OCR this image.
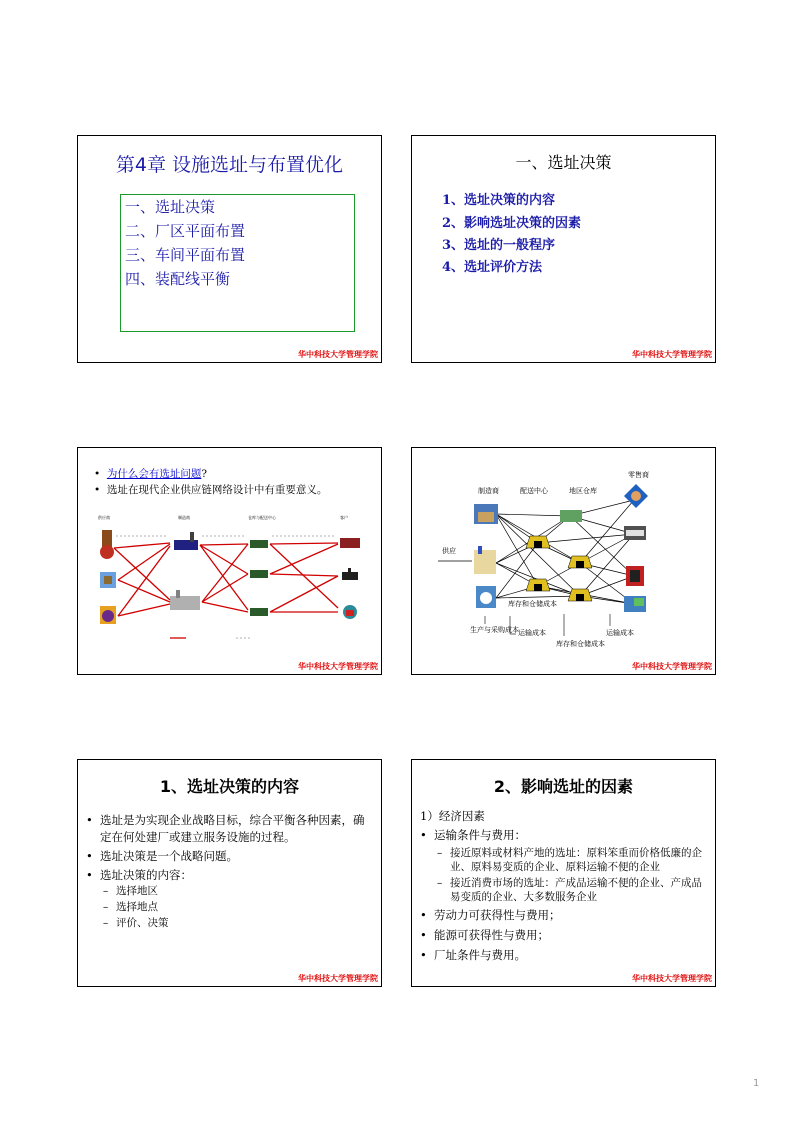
第4章 设施选址与布置优化
一、选址决策
二、厂区平面布置
三、车间平面布置
四、装配线平衡
华中科技大学管理学院
一、选址决策
1、选址决策的内容
2、影响选址决策的因素
3、选址的一般程序
4、选址评价方法
华中科技大学管理学院
•  为什么会有选址问题?
•  选址在现代企业供应链网络设计中有重要意义。
供应商	制造商	仓库与配送中心	客户
华中科技大学管理学院
制造商	配送中心	地区仓库
零售商
供应
库存和仓储成本
生产与采购成本 运输成本
库存和仓储成本
运输成本
华中科技大学管理学院
1、选址决策的内容
• 选址是为实现企业战略目标，综合平衡各种因素，确定在何处建厂或建立服务设施的过程。
• 选址决策是一个战略问题。
• 选址决策的内容：
– 选择地区
– 选择地点
– 评价、决策
华中科技大学管理学院
2、影响选址的因素
1）经济因素
• 运输条件与费用：
– 接近原料或材料产地的选址：原料笨重而价格低廉的企业、原料易变质的企业、原料运输不便的企业
– 接近消费市场的选址：产成品运输不便的企业、产成品易变质的企业、大多数服务企业
• 劳动力可获得性与费用；
• 能源可获得性与费用；
• 厂址条件与费用。
华中科技大学管理学院
1
